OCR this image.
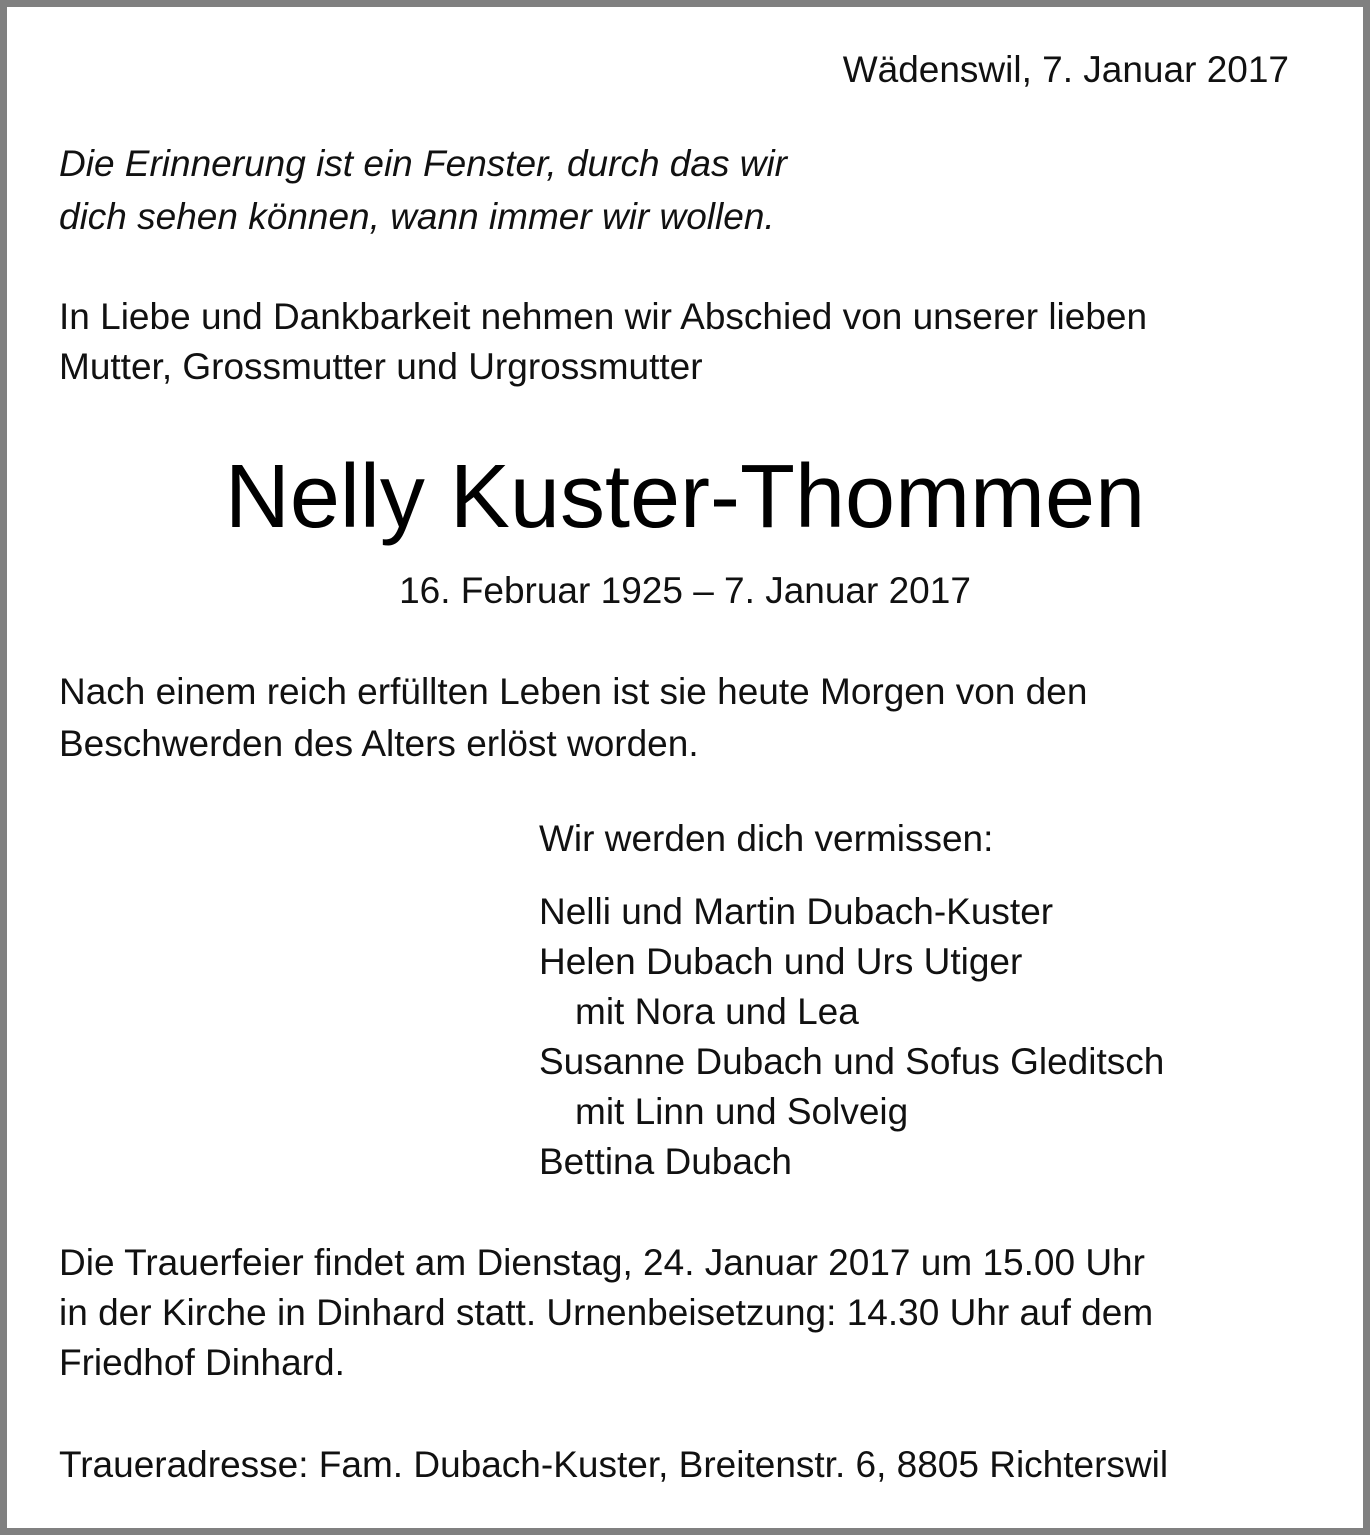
Wädenswil, 7. Januar 2017

Die Erinnerung ist ein Fenster, durch das wir

dich sehen können, wann immer wir wollen.

In Liebe und Dankbarkeit nehmen wir Abschied von unserer lieben

Mutter, Grossmutter und Urgrossmutter

Nelly Kuster-Thommen

16. Februar 1925 – 7. Januar 2017

Nach einem reich erfüllten Leben ist sie heute Morgen von den

Beschwerden des Alters erlöst worden.

Wir werden dich vermissen:

Nelli und Martin Dubach-Kuster
Helen Dubach und Urs Utiger
mit Nora und Lea
Susanne Dubach und Sofus Gleditsch
mit Linn und Solveig
Bettina Dubach

Die Trauerfeier findet am Dienstag, 24. Januar 2017 um 15.00 Uhr

in der Kirche in Dinhard statt. Urnenbeisetzung: 14.30 Uhr auf dem

Friedhof Dinhard.

Traueradresse: Fam. Dubach-Kuster, Breitenstr. 6, 8805 Richterswil
